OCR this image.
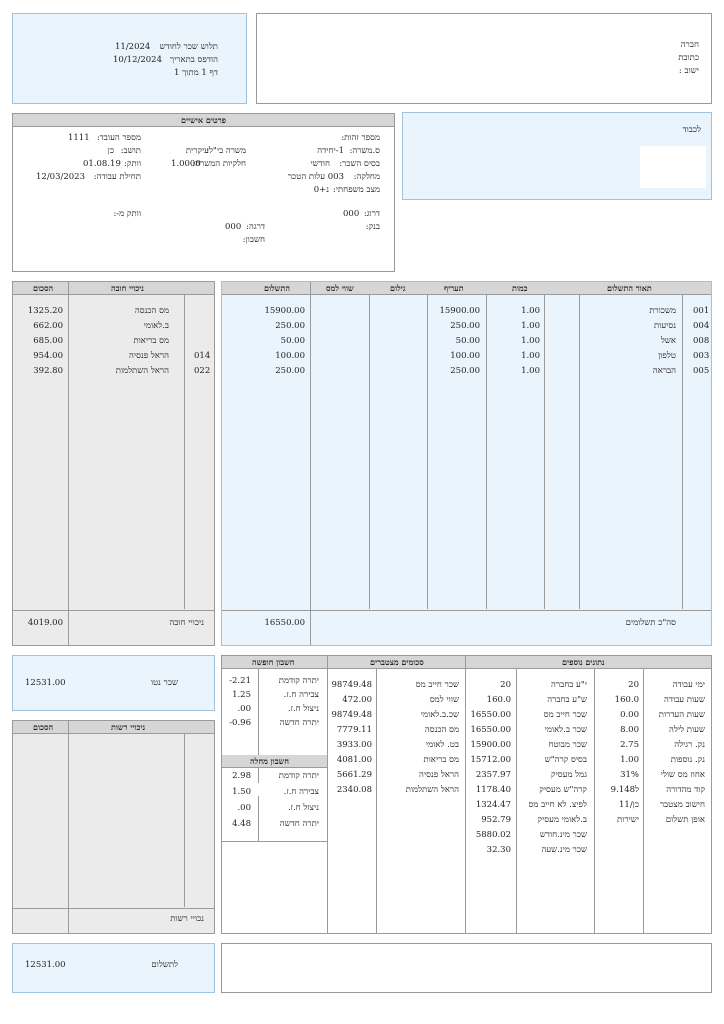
תלוש שכר לחודש
11/2024
הודפס בתאריך
10/12/2024
דף 1 מתוך 1
חברה
כתובת
ישוב :
פרטים אישיים
מספר זהות:
מספר העובד:
1111
ס.משרה:
1-יחידה
משרה בי"ל:
עיקרית
תושב:
כן
בסיס השכר:
חודשי
חלקיות המשרה:
1.0000
וותק:
01.08.19
מחלקה:
003 עלות הטכר
תחילת עבודה:
12/03/2023
מצב משפחתי:
נ+0
דרוג:
000
וותק מ-:
בנק:
דרגה:
000
חשבון:
לכבוד
תאור התשלום
כמות
תעריף
גילום
שווי למס
התשלום
001
משכורת
1.00
15900.00
15900.00
004
נסיעות
1.00
250.00
250.00
008
אשל
1.00
50.00
50.00
003
טלפון
1.00
100.00
100.00
005
הבראה
1.00
250.00
250.00
סה"כ תשלומים
16550.00
ניכויי חובה
הסכום
מס הכנסה
1325.20
ב.לאומי
662.00
מס בריאות
685.00
014
הראל פנסיה
954.00
022
הראל השתלמות
392.80
ניכויי חובה
4019.00
שכר נטו
12531.00
ניכויי רשות
הסכום
נכויי רשות
לתשלום
12531.00
חשבון חופשה	סכומים מצטברים	נתונים נוספים
חשבון מחלה
יתרה קודמת
-2.21
צבירה ח.ז.
1.25
ניצול ח.ז.
.00
יתרה חדשה
-0.96
יתרה קודמת
2.98
צבירה ח.ז.
1.50
ניצול ח.ז.
.00
יתרה חדשה
4.48
שכר חייב מס
98749.48
שווי למס
472.00
שכ.ב.לאומי
98749.48
מס הכנסה
7779.11
בט. לאומי
3933.00
מס בריאות
4081.00
הראל פנסיה
5661.29
הראל השתלמות
2340.08
ימי עבודה
20
שעות עבודה
160.0
שעות העדרות
0.00
שעות לילה
8.00
נק. רגילה
2.75
נק. נוספות
1.00
אחוז מס שולי
31%
קוד מהדורה
9.148ל
חישוב מצטבר
כן/11
אופן תשלום
ישירות
י"ע בחברה
20
ש"ע בחברה
160.0
שכר חייב מס
16550.00
שכר ב.לאומי
16550.00
שכר מבוטח
15900.00
בסיס קרה"ש
15712.00
גמל מעסיק
2357.97
קרה"ש מעסיק
1178.40
לפיצ. לא חייב מס
1324.47
ב.לאומי מעסיק
952.79
שכר מינ.חודש
5880.02
שכר מינ.שעה
32.30
